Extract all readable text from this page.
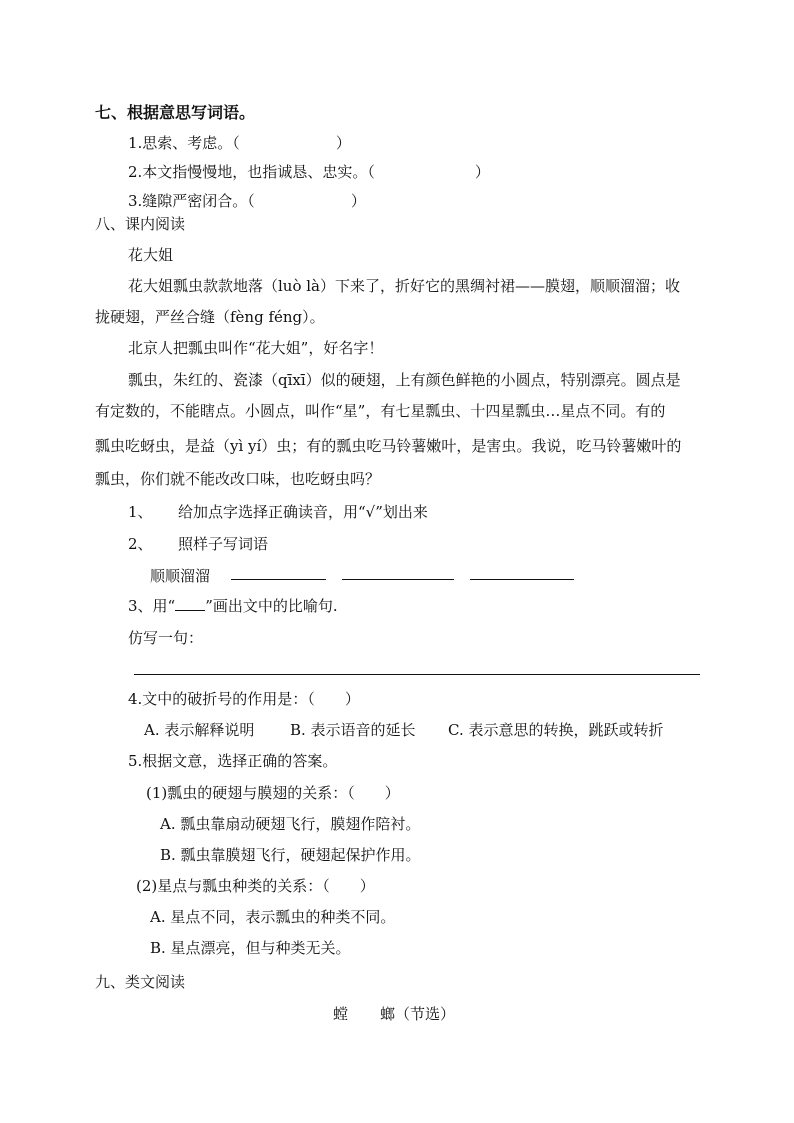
七、根据意思写词语。
1.思索、考虑。（	）
2.本文指慢慢地，也指诚恳、忠实。（	）
3.缝隙严密闭合。（	）
八、课内阅读
花大姐
花大姐瓢虫款款地落（luò là）下来了，折好它的黑绸衬裙——膜翅，顺顺溜溜；收
拢硬翅，严丝合缝（fèng féng）。
北京人把瓢虫叫作“花大姐”，好名字！
瓢虫，朱红的、瓷漆（qīxī）似的硬翅，上有颜色鲜艳的小圆点，特别漂亮。圆点是
有定数的，不能瞎点。小圆点，叫作“星”，有七星瓢虫、十四星瓢虫…星点不同。有的
瓢虫吃蚜虫，是益（yì yí）虫；有的瓢虫吃马铃薯嫩叶，是害虫。我说，吃马铃薯嫩叶的
瓢虫，你们就不能改改口味，也吃蚜虫吗？
1、 给加点字选择正确读音，用“√”划出来
2、 照样子写词语
顺顺溜溜
3、用“ ”画出文中的比喻句.
仿写一句：
4.文中的破折号的作用是：（　　）
A. 表示解释说明 B. 表示语音的延长 C. 表示意思的转换，跳跃或转折
5.根据文意，选择正确的答案。
(1)瓢虫的硬翅与膜翅的关系：（　　）
A. 瓢虫靠扇动硬翅飞行，膜翅作陪衬。
B. 瓢虫靠膜翅飞行，硬翅起保护作用。
(2)星点与瓢虫种类的关系：（　　）
A. 星点不同，表示瓢虫的种类不同。
B. 星点漂亮，但与种类无关。
九、类文阅读
螳 螂（节选）
